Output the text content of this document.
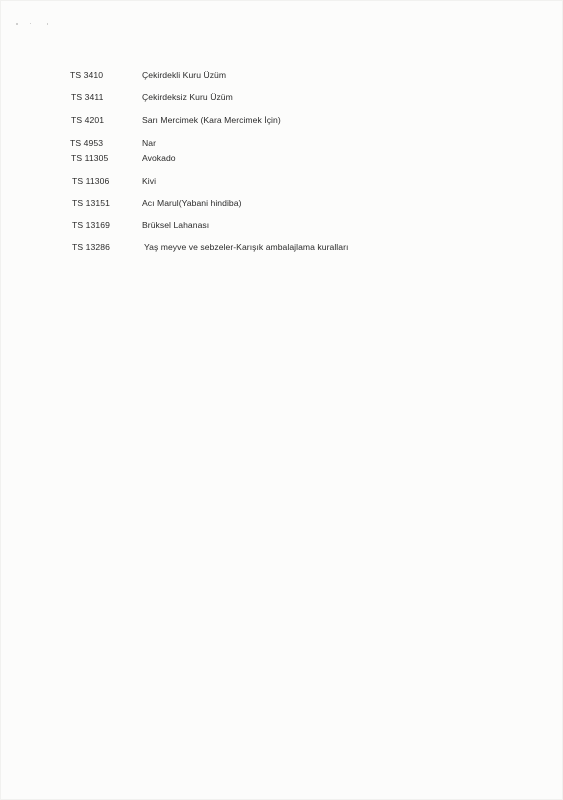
TS 3410	Çekirdekli Kuru Üzüm
TS 3411	Çekirdeksiz Kuru Üzüm
TS 4201	Sarı Mercimek (Kara Mercimek İçin)
TS 4953	Nar
TS 11305	Avokado
TS 11306	Kivi
TS 13151	Acı Marul(Yabani hindiba)
TS 13169	Brüksel Lahanası
TS 13286	Yaş meyve ve sebzeler-Karışık ambalajlama kuralları
